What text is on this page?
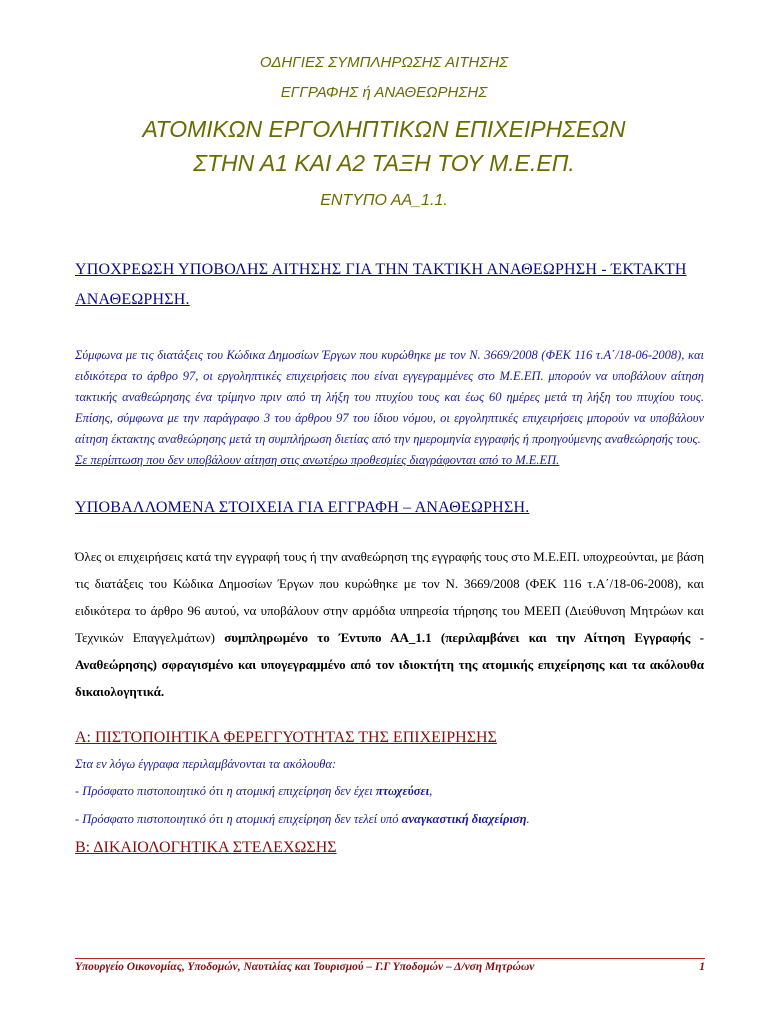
ΟΔΗΓΙΕΣ ΣΥΜΠΛΗΡΩΣΗΣ ΑΙΤΗΣΗΣ
ΕΓΓΡΑΦΗΣ ή ΑΝΑΘΕΩΡΗΣΗΣ
ΑΤΟΜΙΚΩΝ ΕΡΓΟΛΗΠΤΙΚΩΝ ΕΠΙΧΕΙΡΗΣΕΩΝ
ΣΤΗΝ Α1 ΚΑΙ Α2 ΤΑΞΗ ΤΟΥ Μ.Ε.ΕΠ.
ΕΝΤΥΠΟ ΑΑ_1.1.

ΥΠΟΧΡΕΩΣΗ ΥΠΟΒΟΛΗΣ ΑΙΤΗΣΗΣ ΓΙΑ ΤΗΝ ΤΑΚΤΙΚΗ ΑΝΑΘΕΩΡΗΣΗ - ΈΚΤΑΚΤΗ ΑΝΑΘΕΩΡΗΣΗ.

Σύμφωνα με τις διατάξεις του Κώδικα Δημοσίων Έργων που κυρώθηκε με τον Ν. 3669/2008 (ΦΕΚ 116 τ.Α΄/18-06-2008), και ειδικότερα το άρθρο 97, οι εργοληπτικές επιχειρήσεις που είναι εγγεγραμμένες στο Μ.Ε.ΕΠ. μπορούν να υποβάλουν αίτηση τακτικής αναθεώρησης ένα τρίμηνο πριν από τη λήξη του πτυχίου τους και έως 60 ημέρες μετά τη λήξη του πτυχίου τους. Επίσης, σύμφωνα με την παράγραφο 3 του άρθρου 97 του ίδιου νόμου, οι εργοληπτικές επιχειρήσεις μπορούν να υποβάλουν αίτηση έκτακτης αναθεώρησης μετά τη συμπλήρωση διετίας από την ημερομηνία εγγραφής ή προηγούμενης αναθεώρησής τους.

Σε περίπτωση που δεν υποβάλουν αίτηση στις ανωτέρω προθεσμίες διαγράφονται από το Μ.Ε.ΕΠ.

ΥΠΟΒΑΛΛΟΜΕΝΑ ΣΤΟΙΧΕΙΑ ΓΙΑ ΕΓΓΡΑΦΗ – ΑΝΑΘΕΩΡΗΣΗ.

Όλες οι επιχειρήσεις κατά την εγγραφή τους ή την αναθεώρηση της εγγραφής τους στο Μ.Ε.ΕΠ. υποχρεούνται, με βάση τις διατάξεις του Κώδικα Δημοσίων Έργων που κυρώθηκε με τον Ν. 3669/2008 (ΦΕΚ 116 τ.Α΄/18-06-2008), και ειδικότερα το άρθρο 96 αυτού, να υποβάλουν στην αρμόδια υπηρεσία τήρησης του ΜΕΕΠ (Διεύθυνση Μητρώων και Τεχνικών Επαγγελμάτων) συμπληρωμένο το Έντυπο ΑΑ_1.1 (περιλαμβάνει και την Αίτηση Εγγραφής - Αναθεώρησης) σφραγισμένο και υπογεγραμμένο από τον ιδιοκτήτη της ατομικής επιχείρησης και τα ακόλουθα δικαιολογητικά.

Α: ΠΙΣΤΟΠΟΙΗΤΙΚΑ ΦΕΡΕΓΓΥΟΤΗΤΑΣ ΤΗΣ ΕΠΙΧΕΙΡΗΣΗΣ

Στα εν λόγω έγγραφα περιλαμβάνονται τα ακόλουθα:

- Πρόσφατο πιστοποιητικό ότι η ατομική επιχείρηση δεν έχει πτωχεύσει,

- Πρόσφατο πιστοποιητικό ότι η ατομική επιχείρηση δεν τελεί υπό αναγκαστική διαχείριση.

Β: ΔΙΚΑΙΟΛΟΓΗΤΙΚΑ ΣΤΕΛΕΧΩΣΗΣ

Υπουργείο Οικονομίας, Υποδομών, Ναυτιλίας και Τουρισμού – Γ.Γ Υποδομών – Δ/νση Μητρώων	1
